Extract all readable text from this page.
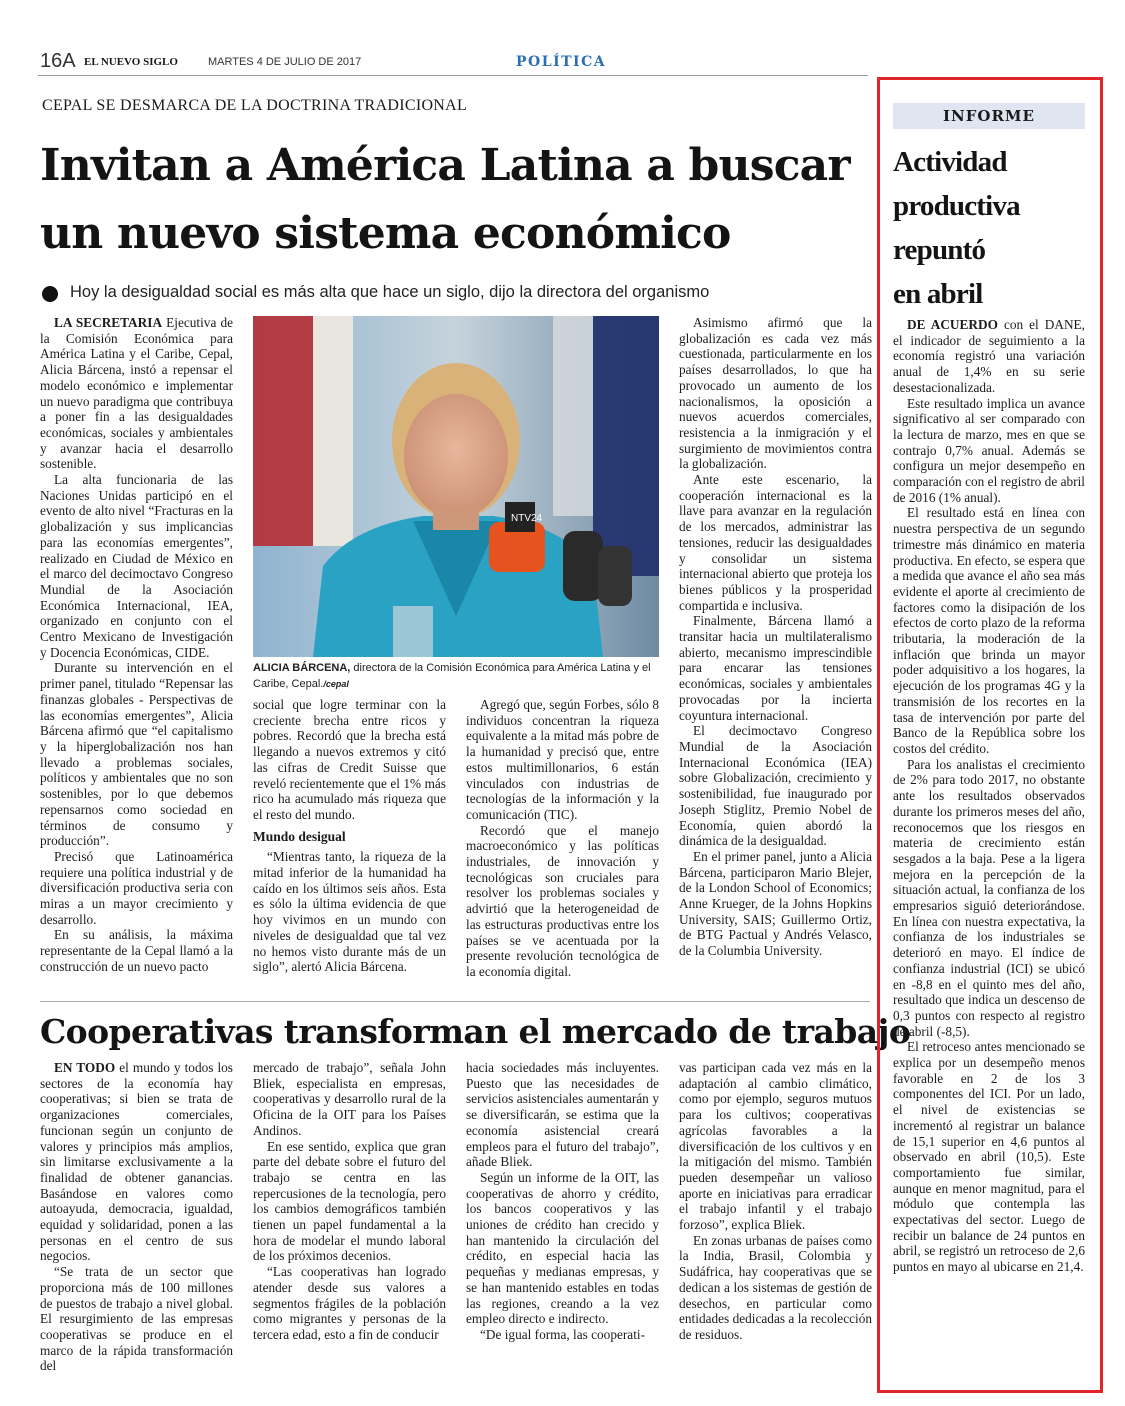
16A EL NUEVO SIGLO	MARTES 4 DE JULIO DE 2017	POLÍTICA
CEPAL SE DESMARCA DE LA DOCTRINA TRADICIONAL
Invitan a América Latina a buscar
un nuevo sistema económico
Hoy la desigualdad social es más alta que hace un siglo, dijo la directora del organismo
NTV24
ALICIA BÁRCENA, directora de la Comisión Económica para América Latina y el Caribe, Cepal./cepal

LA SECRETARIA Ejecutiva de la Comisión Económica para América Latina y el Caribe, Cepal, Alicia Bárcena, instó a repensar el modelo económico e implementar un nuevo paradigma que contribuya a poner fin a las desigualdades económicas, sociales y ambientales y avanzar hacia el desarrollo sostenible.

La alta funcionaria de las Naciones Unidas participó en el evento de alto nivel “Fracturas en la globalización y sus implicancias para las economías emergentes”, realizado en Ciudad de México en el marco del decimoctavo Congreso Mundial de la Asociación Económica Internacional, IEA, organizado en conjunto con el Centro Mexicano de Investigación y Docencia Económicas, CIDE.

Durante su intervención en el primer panel, titulado “Repensar las finanzas globales - Perspectivas de las economías emergentes”, Alicia Bárcena afirmó que “el capitalismo y la hiperglobalización nos han llevado a problemas sociales, políticos y ambientales que no son sostenibles, por lo que debemos repensarnos como sociedad en términos de consumo y producción”.

Precisó que Latinoamérica requiere una política industrial y de diversificación productiva seria con miras a un mayor crecimiento y desarrollo.

En su análisis, la máxima representante de la Cepal llamó a la construcción de un nuevo pacto

social que logre terminar con la creciente brecha entre ricos y pobres. Recordó que la brecha está llegando a nuevos extremos y citó las cifras de Credit Suisse que reveló recientemente que el 1% más rico ha acumulado más riqueza que el resto del mundo.

Mundo desigual

“Mientras tanto, la riqueza de la mitad inferior de la humanidad ha caído en los últimos seis años. Esta es sólo la última evidencia de que hoy vivimos en un mundo con niveles de desigualdad que tal vez no hemos visto durante más de un siglo”, alertó Alicia Bárcena.

Agregó que, según Forbes, sólo 8 individuos concentran la riqueza equivalente a la mitad más pobre de la humanidad y precisó que, entre estos multimillonarios, 6 están vinculados con industrias de tecnologías de la información y la comunicación (TIC).

Recordó que el manejo macroeconómico y las políticas industriales, de innovación y tecnológicas son cruciales para resolver los problemas sociales y advirtió que la heterogeneidad de las estructuras productivas entre los países se ve acentuada por la presente revolución tecnológica de la economía digital.

Asimismo afirmó que la globalización es cada vez más cuestionada, particularmente en los países desarrollados, lo que ha provocado un aumento de los nacionalismos, la oposición a nuevos acuerdos comerciales, resistencia a la inmigración y el surgimiento de movimientos contra la globalización.

Ante este escenario, la cooperación internacional es la llave para avanzar en la regulación de los mercados, administrar las tensiones, reducir las desigualdades y consolidar un sistema internacional abierto que proteja los bienes públicos y la prosperidad compartida e inclusiva.

Finalmente, Bárcena llamó a transitar hacia un multilateralismo abierto, mecanismo imprescindible para encarar las tensiones económicas, sociales y ambientales provocadas por la incierta coyuntura internacional.

El decimoctavo Congreso Mundial de la Asociación Internacional Económica (IEA) sobre Globalización, crecimiento y sostenibilidad, fue inaugurado por Joseph Stiglitz, Premio Nobel de Economía, quien abordó la dinámica de la desigualdad.

En el primer panel, junto a Alicia Bárcena, participaron Mario Blejer, de la London School of Economics; Anne Krueger, de la Johns Hopkins University, SAIS; Guillermo Ortiz, de BTG Pactual y Andrés Velasco, de la Columbia University.

Cooperativas transforman el mercado de trabajo

EN TODO el mundo y todos los sectores de la economía hay cooperativas; si bien se trata de organizaciones comerciales, funcionan según un conjunto de valores y principios más amplios, sin limitarse exclusivamente a la finalidad de obtener ganancias. Basándose en valores como autoayuda, democracia, igualdad, equidad y solidaridad, ponen a las personas en el centro de sus negocios.

“Se trata de un sector que proporciona más de 100 millones de puestos de trabajo a nivel global. El resurgimiento de las empresas cooperativas se produce en el marco de la rápida transformación del

mercado de trabajo”, señala John Bliek, especialista en empresas, cooperativas y desarrollo rural de la Oficina de la OIT para los Países Andinos.

En ese sentido, explica que gran parte del debate sobre el futuro del trabajo se centra en las repercusiones de la tecnología, pero los cambios demográficos también tienen un papel fundamental a la hora de modelar el mundo laboral de los próximos decenios.

“Las cooperativas han logrado atender desde sus valores a segmentos frágiles de la población como migrantes y personas de la tercera edad, esto a fin de conducir

hacia sociedades más incluyentes. Puesto que las necesidades de servicios asistenciales aumentarán y se diversificarán, se estima que la economía asistencial creará empleos para el futuro del trabajo”, añade Bliek.

Según un informe de la OIT, las cooperativas de ahorro y crédito, los bancos cooperativos y las uniones de crédito han crecido y han mantenido la circulación del crédito, en especial hacia las pequeñas y medianas empresas, y se han mantenido estables en todas las regiones, creando a la vez empleo directo e indirecto.

“De igual forma, las cooperati-

vas participan cada vez más en la adaptación al cambio climático, como por ejemplo, seguros mutuos para los cultivos; cooperativas agrícolas favorables a la diversificación de los cultivos y en la mitigación del mismo. También pueden desempeñar un valioso aporte en iniciativas para erradicar el trabajo infantil y el trabajo forzoso”, explica Bliek.

En zonas urbanas de países como la India, Brasil, Colombia y Sudáfrica, hay cooperativas que se dedican a los sistemas de gestión de desechos, en particular como entidades dedicadas a la recolección de residuos.

INFORME
Actividad
productiva
repuntó
en abril

DE ACUERDO con el DANE, el indicador de seguimiento a la economía registró una variación anual de 1,4% en su serie desestacionalizada.

Este resultado implica un avance significativo al ser comparado con la lectura de marzo, mes en que se contrajo 0,7% anual. Además se configura un mejor desempeño en comparación con el registro de abril de 2016 (1% anual).

El resultado está en línea con nuestra perspectiva de un segundo trimestre más dinámico en materia productiva. En efecto, se espera que a medida que avance el año sea más evidente el aporte al crecimiento de factores como la disipación de los efectos de corto plazo de la reforma tributaria, la moderación de la inflación que brinda un mayor poder adquisitivo a los hogares, la ejecución de los programas 4G y la transmisión de los recortes en la tasa de intervención por parte del Banco de la República sobre los costos del crédito.

Para los analistas el crecimiento de 2% para todo 2017, no obstante ante los resultados observados durante los primeros meses del año, reconocemos que los riesgos en materia de crecimiento están sesgados a la baja. Pese a la ligera mejora en la percepción de la situación actual, la confianza de los empresarios siguió deteriorándose. En línea con nuestra expectativa, la confianza de los industriales se deterioró en mayo. El índice de confianza industrial (ICI) se ubicó en -8,8 en el quinto mes del año, resultado que indica un descenso de 0,3 puntos con respecto al registro de abril (-8,5).

El retroceso antes mencionado se explica por un desempeño menos favorable en 2 de los 3 componentes del ICI. Por un lado, el nivel de existencias se incrementó al registrar un balance de 15,1 superior en 4,6 puntos al observado en abril (10,5). Este comportamiento fue similar, aunque en menor magnitud, para el módulo que contempla las expectativas del sector. Luego de recibir un balance de 24 puntos en abril, se registró un retroceso de 2,6 puntos en mayo al ubicarse en 21,4.
